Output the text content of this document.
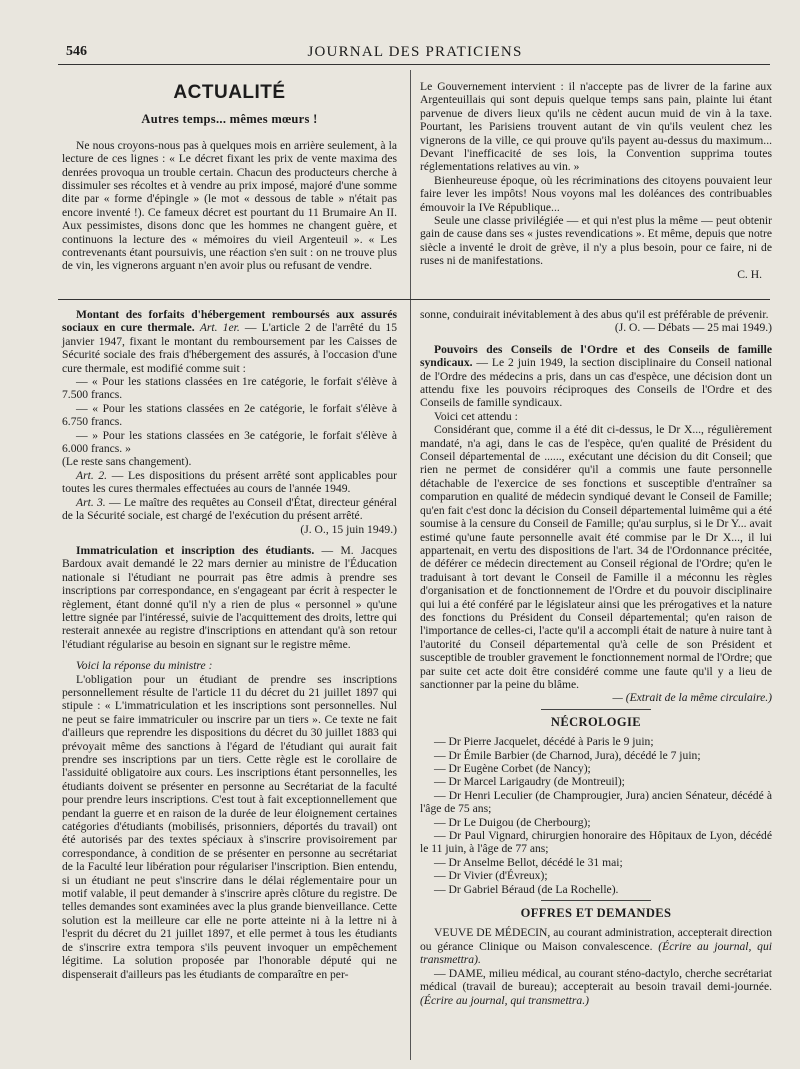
546	JOURNAL DES PRATICIENS
ACTUALITÉ
Autres temps... mêmes mœurs !

Ne nous croyons-nous pas à quelques mois en arrière seulement, à la lecture de ces lignes : « Le décret fixant les prix de vente maxima des denrées provoqua un trouble certain. Chacun des producteurs cherche à dissimuler ses récoltes et à vendre au prix imposé, majoré d'une somme dite par « forme d'épingle » (le mot « dessous de table » n'était pas encore inventé !). Ce fameux décret est pourtant du 11 Brumaire An II. Aux pessimistes, disons donc que les hommes ne changent guère, et continuons la lecture des « mémoires du vieil Argenteuil ». « Les contrevenants étant poursuivis, une réaction s'en suit : on ne trouve plus de vin, les vignerons arguant n'en avoir plus ou refusant de vendre.

Le Gouvernement intervient : il n'accepte pas de livrer de la farine aux Argenteuillais qui sont depuis quelque temps sans pain, plainte lui étant parvenue de divers lieux qu'ils ne cèdent aucun muid de vin à la taxe. Pourtant, les Parisiens trouvent autant de vin qu'ils veulent chez les vignerons de la ville, ce qui prouve qu'ils payent au-dessus du maximum... Devant l'inefficacité de ses lois, la Convention supprima toutes réglementations relatives au vin. »

Bienheureuse époque, où les récriminations des citoyens pouvaient leur faire lever les impôts! Nous voyons mal les doléances des contribuables émouvoir la IVe République...

Seule une classe privilégiée — et qui n'est plus la même — peut obtenir gain de cause dans ses « justes revendications ». Et même, depuis que notre siècle a inventé le droit de grève, il n'y a plus besoin, pour ce faire, ni de ruses ni de manifestations.

C. H.

Montant des forfaits d'hébergement remboursés aux assurés sociaux en cure thermale. Art. 1er. — L'article 2 de l'arrêté du 15 janvier 1947, fixant le montant du remboursement par les Caisses de Sécurité sociale des frais d'hébergement des assurés, à l'occasion d'une cure thermale, est modifié comme suit :

— « Pour les stations classées en 1re catégorie, le forfait s'élève à 7.500 francs.

— « Pour les stations classées en 2e catégorie, le forfait s'élève à 6.750 francs.

— » Pour les stations classées en 3e catégorie, le forfait s'élève à 6.000 francs. »

(Le reste sans changement).

Art. 2. — Les dispositions du présent arrêté sont applicables pour toutes les cures thermales effectuées au cours de l'année 1949.

Art. 3. — Le maître des requêtes au Conseil d'État, directeur général de la Sécurité sociale, est chargé de l'exécution du présent arrêté.

(J. O., 15 juin 1949.)

Immatriculation et inscription des étudiants. — M. Jacques Bardoux avait demandé le 22 mars dernier au ministre de l'Éducation nationale si l'étudiant ne pourrait pas être admis à prendre ses inscriptions par correspondance, en s'engageant par écrit à respecter le règlement, étant donné qu'il n'y a rien de plus « personnel » qu'une lettre signée par l'intéressé, suivie de l'acquittement des droits, lettre qui resterait annexée au registre d'inscriptions en attendant qu'à son retour l'étudiant régularise au besoin en signant sur le registre même.

Voici la réponse du ministre :

L'obligation pour un étudiant de prendre ses inscriptions personnellement résulte de l'article 11 du décret du 21 juillet 1897 qui stipule : « L'immatriculation et les inscriptions sont personnelles. Nul ne peut se faire immatriculer ou inscrire par un tiers ». Ce texte ne fait d'ailleurs que reprendre les dispositions du décret du 30 juillet 1883 qui prévoyait même des sanctions à l'égard de l'étudiant qui aurait fait prendre ses inscriptions par un tiers. Cette règle est le corollaire de l'assiduité obligatoire aux cours. Les inscriptions étant personnelles, les étudiants doivent se présenter en personne au Secrétariat de la faculté pour prendre leurs inscriptions. C'est tout à fait exceptionnellement que pendant la guerre et en raison de la durée de leur éloignement certaines catégories d'étudiants (mobilisés, prisonniers, déportés du travail) ont été autorisés par des textes spéciaux à s'inscrire provisoirement par correspondance, à condition de se présenter en personne au secrétariat de la Faculté leur libération pour régulariser l'inscription. Bien entendu, si un étudiant ne peut s'inscrire dans le délai réglementaire pour un motif valable, il peut demander à s'inscrire après clôture du registre. De telles demandes sont examinées avec la plus grande bienveillance. Cette solution est la meilleure car elle ne porte atteinte ni à la lettre ni à l'esprit du décret du 21 juillet 1897, et elle permet à tous les étudiants de s'inscrire extra tempora s'ils peuvent invoquer un empêchement légitime. La solution proposée par l'honorable député qui ne dispenserait d'ailleurs pas les étudiants de comparaître en per-

sonne, conduirait inévitablement à des abus qu'il est préférable de prévenir.

(J. O. — Débats — 25 mai 1949.)

Pouvoirs des Conseils de l'Ordre et des Conseils de famille syndicaux. — Le 2 juin 1949, la section disciplinaire du Conseil national de l'Ordre des médecins a pris, dans un cas d'espèce, une décision dont un attendu fixe les pouvoirs réciproques des Conseils de l'Ordre et des Conseils de famille syndicaux.

Voici cet attendu :

Considérant que, comme il a été dit ci-dessus, le Dr X..., régulièrement mandaté, n'a agi, dans le cas de l'espèce, qu'en qualité de Président du Conseil départemental de ......, exécutant une décision du dit Conseil; que rien ne permet de considérer qu'il a commis une faute personnelle détachable de l'exercice de ses fonctions et susceptible d'entraîner sa comparution en qualité de médecin syndiqué devant le Conseil de Famille; qu'en fait c'est donc la décision du Conseil départemental luimême qui a été soumise à la censure du Conseil de Famille; qu'au surplus, si le Dr Y... avait estimé qu'une faute personnelle avait été commise par le Dr X..., il lui appartenait, en vertu des dispositions de l'art. 34 de l'Ordonnance précitée, de déférer ce médecin directement au Conseil régional de l'Ordre; qu'en le traduisant à tort devant le Conseil de Famille il a méconnu les règles d'organisation et de fonctionnement de l'Ordre et du pouvoir disciplinaire qui lui a été conféré par le législateur ainsi que les prérogatives et la nature des fonctions du Président du Conseil départemental; qu'en raison de l'importance de celles-ci, l'acte qu'il a accompli était de nature à nuire tant à l'autorité du Conseil départemental qu'à celle de son Président et susceptible de troubler gravement le fonctionnement normal de l'Ordre; que par suite cet acte doit être considéré comme une faute qu'il y a lieu de sanctionner par la peine du blâme.

— (Extrait de la même circulaire.)
NÉCROLOGIE

— Dr Pierre Jacquelet, décédé à Paris le 9 juin;

— Dr Émile Barbier (de Charnod, Jura), décédé le 7 juin;

— Dr Eugène Corbet (de Nancy);

— Dr Marcel Larigaudry (de Montreuil);

— Dr Henri Leculier (de Champrougier, Jura) ancien Sénateur, décédé à l'âge de 75 ans;

— Dr Le Duigou (de Cherbourg);

— Dr Paul Vignard, chirurgien honoraire des Hôpitaux de Lyon, décédé le 11 juin, à l'âge de 77 ans;

— Dr Anselme Bellot, décédé le 31 mai;

— Dr Vivier (d'Évreux);

— Dr Gabriel Béraud (de La Rochelle).

OFFRES ET DEMANDES

VEUVE DE MÉDECIN, au courant administration, accepterait direction ou gérance Clinique ou Maison convalescence. (Écrire au journal, qui transmettra).

— DAME, milieu médical, au courant sténo-dactylo, cherche secrétariat médical (travail de bureau); accepterait au besoin travail demi-journée. (Écrire au journal, qui transmettra.)
